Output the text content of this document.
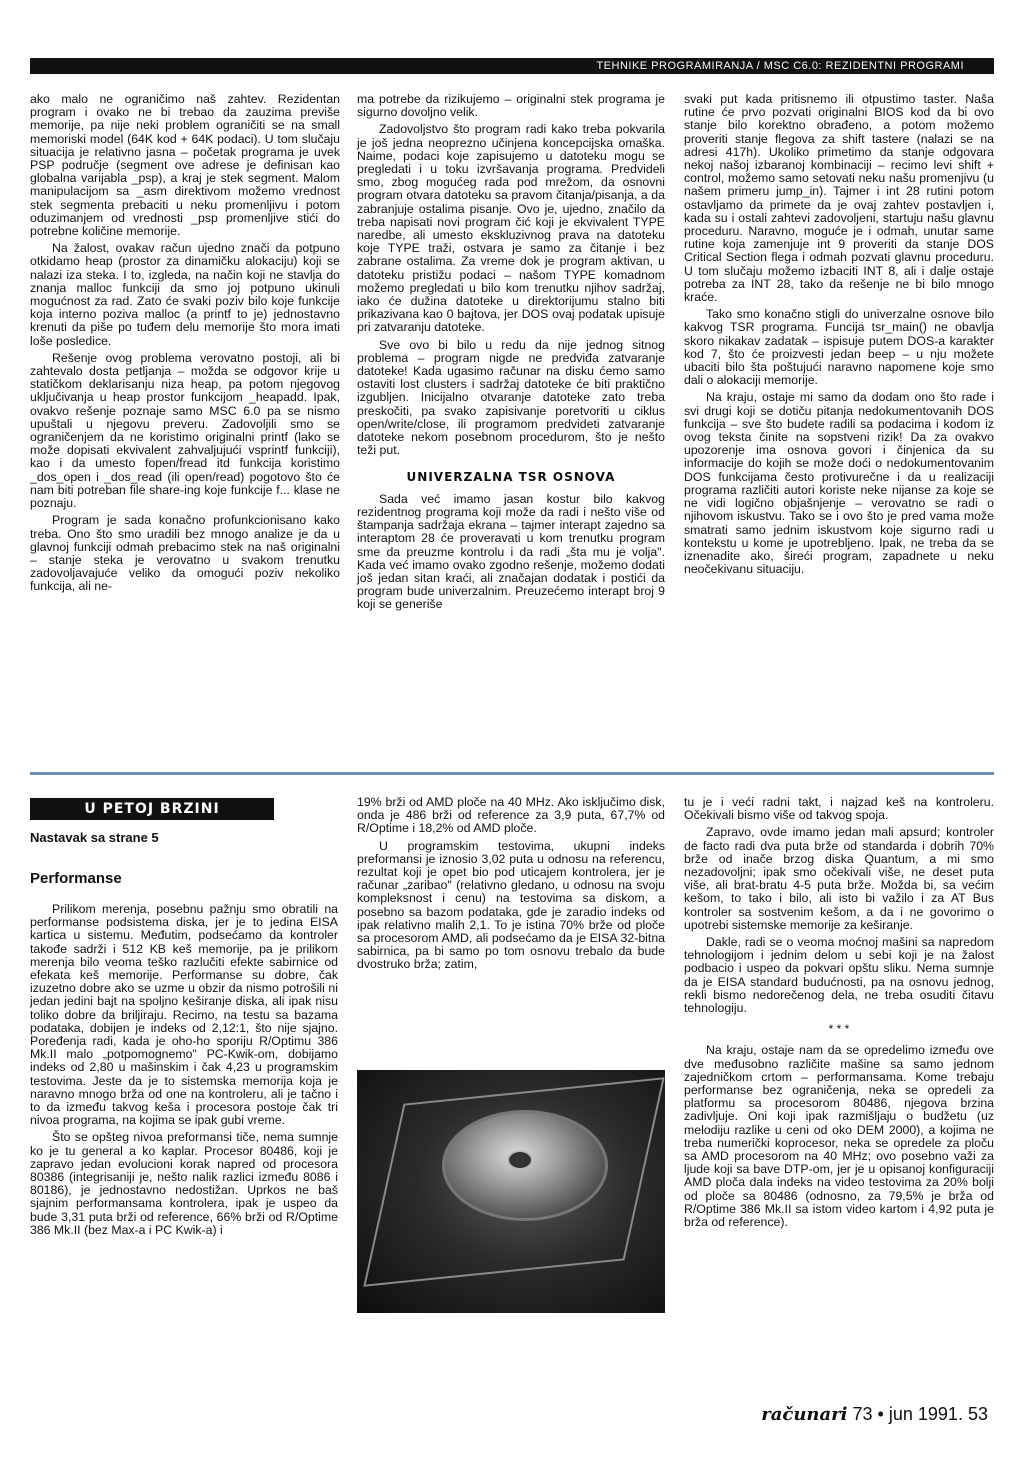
TEHNIKE PROGRAMIRANJA / MSC C6.0: REZIDENTNI PROGRAMI

ako malo ne ograničimo naš zahtev. Rezidentan program i ovako ne bi trebao da zauzima previše memorije, pa nije neki problem ograničiti se na small memoriski model (64K kod + 64K podaci). U tom slučaju situacija je relativno jasna – početak programa je uvek PSP područje (segment ove adrese je definisan kao globalna varijabla _psp), a kraj je stek segment. Malom manipulacijom sa _asm direktivom možemo vrednost stek segmenta prebaciti u neku promenljivu i potom oduzimanjem od vrednosti _psp promenljive stići do potrebne količine memorije.

Na žalost, ovakav račun ujedno znači da potpuno otkidamo heap (prostor za dinamičku alokaciju) koji se nalazi iza steka. I to, izgleda, na način koji ne stavlja do znanja malloc funkciji da smo joj potpuno ukinuli mogućnost za rad. Zato će svaki poziv bilo koje funkcije koja interno poziva malloc (a printf to je) jednostavno krenuti da piše po tuđem delu memorije što mora imati loše posledice.

Rešenje ovog problema verovatno postoji, ali bi zahtevalo dosta petljanja – možda se odgovor krije u statičkom deklarisanju niza heap, pa potom njegovog uključivanja u heap prostor funkcijom _heapadd. Ipak, ovakvo rešenje poznaje samo MSC 6.0 pa se nismo upuštali u njegovu preveru. Zadovoljili smo se ograničenjem da ne koristimo originalni printf (lako se može dopisati ekvivalent zahvaljujući vsprintf funkciji), kao i da umesto fopen/fread itd funkcija koristimo _dos_open i _dos_read (ili open/read) pogotovo što će nam biti potreban file share-ing koje funkcije f... klase ne poznaju.

Program je sada konačno profunkcionisano kako treba. Ono što smo uradili bez mnogo analize je da u glavnoj funkciji odmah prebacimo stek na naš originalni – stanje steka je verovatno u svakom trenutku zadovoljavajuće veliko da omogući poziv nekoliko funkcija, ali ne-

ma potrebe da rizikujemo – originalni stek programa je sigurno dovoljno velik.

Zadovoljstvo što program radi kako treba pokvarila je još jedna neoprezno učinjena koncepcijska omaška. Naime, podaci koje zapisujemo u datoteku mogu se pregledati i u toku izvršavanja programa. Predvideli smo, zbog mogućeg rada pod mrežom, da osnovni program otvara datoteku sa pravom čitanja/pisanja, a da zabranjuje ostalima pisanje. Ovo je, ujedno, značilo da treba napisati novi program čić koji je ekvivalent TYPE naredbe, ali umesto ekskluzivnog prava na datoteku koje TYPE traži, ostvara je samo za čitanje i bez zabrane ostalima. Za vreme dok je program aktivan, u datoteku pristižu podaci – našom TYPE komadnom možemo pregledati u bilo kom trenutku njihov sadržaj, iako će dužina datoteke u direktorijumu stalno biti prikazivana kao 0 bajtova, jer DOS ovaj podatak upisuje pri zatvaranju datoteke.

Sve ovo bi bilo u redu da nije jednog sitnog problema – program nigde ne predviđa zatvaranje datoteke! Kada ugasimo računar na disku ćemo samo ostaviti lost clusters i sadržaj datoteke će biti praktično izgubljen. Inicijalno otvaranje datoteke zato treba preskočiti, pa svako zapisivanje poretvoriti u ciklus open/write/close, ili programom predvideti zatvaranje datoteke nekom posebnom procedurom, što je nešto teži put.

UNIVERZALNA TSR OSNOVA

Sada već imamo jasan kostur bilo kakvog rezidentnog programa koji može da radi i nešto više od štampanja sadržaja ekrana – tajmer interapt zajedno sa interaptom 28 će proveravati u kom trenutku program sme da preuzme kontrolu i da radi „šta mu je volja". Kada već imamo ovako zgodno rešenje, možemo dodati još jedan sitan kraći, ali značajan dodatak i postići da program bude univerzalnim. Preuzećemo interapt broj 9 koji se generiše

svaki put kada pritisnemo ili otpustimo taster. Naša rutine će prvo pozvati originalni BIOS kod da bi ovo stanje bilo korektno obrađeno, a potom možemo proveriti stanje flegova za shift tastere (nalazi se na adresi 417h). Ukoliko primetimo da stanje odgovara nekoj našoj izbaranoj kombinaciji – recimo levi shift + control, možemo samo setovati neku našu promenjivu (u našem primeru jump_in). Tajmer i int 28 rutini potom ostavljamo da primete da je ovaj zahtev postavljen i, kada su i ostali zahtevi zadovoljeni, startuju našu glavnu proceduru. Naravno, moguće je i odmah, unutar same rutine koja zamenjuje int 9 proveriti da stanje DOS Critical Section flega i odmah pozvati glavnu proceduru. U tom slučaju možemo izbaciti INT 8, ali i dalje ostaje potreba za INT 28, tako da rešenje ne bi bilo mnogo kraće.

Tako smo konačno stigli do univerzalne osnove bilo kakvog TSR programa. Funcija tsr_main() ne obavlja skoro nikakav zadatak – ispisuje putem DOS-a karakter kod 7, što će proizvesti jedan beep – u nju možete ubaciti bilo šta poštujući naravno napomene koje smo dali o alokaciji memorije.

Na kraju, ostaje mi samo da dodam ono što rade i svi drugi koji se dotiču pitanja nedokumentovanih DOS funkcija – sve što budete radili sa podacima i kodom iz ovog teksta činite na sopstveni rizik! Da za ovakvo upozorenje ima osnova govori i činjenica da su informacije do kojih se može doći o nedokumentovanim DOS funkcijama često protivurečne i da u realizaciji programa različiti autori koriste neke nijanse za koje se ne vidi logično objašnjenje – verovatno se radi o njihovom iskustvu. Tako se i ovo što je pred vama može smatrati samo jednim iskustvom koje sigurno radi u kontekstu u kome je upotrebljeno. Ipak, ne treba da se iznenadite ako, šireći program, zapadnete u neku neočekivanu situaciju.

U PETOJ BRZINI
Nastavak sa strane 5
Performanse

Prilikom merenja, posebnu pažnju smo obratili na performanse podsistema diska, jer je to jedina EISA kartica u sistemu. Međutim, podsećamo da kontroler takođe sadrži i 512 KB keš memorije, pa je prilikom merenja bilo veoma teško razlučiti efekte sabirnice od efekata keš memorije. Performanse su dobre, čak izuzetno dobre ako se uzme u obzir da nismo potrošili ni jedan jedini bajt na spoljno keširanje diska, ali ipak nisu toliko dobre da briljiraju. Recimo, na testu sa bazama podataka, dobijen je indeks od 2,12:1, što nije sjajno. Poređenja radi, kada je oho-ho sporiju R/Optimu 386 Mk.II malo „potpomognemo" PC-Kwik-om, dobijamo indeks od 2,80 u mašinskim i čak 4,23 u programskim testovima. Jeste da je to sistemska memorija koja je naravno mnogo brža od one na kontroleru, ali je tačno i to da između takvog keša i procesora postoje čak tri nivoa programa, na kojima se ipak gubi vreme.

Što se opšteg nivoa preformansi tiče, nema sumnje ko je tu general a ko kaplar. Procesor 80486, koji je zapravo jedan evolucioni korak napred od procesora 80386 (integrisaniji je, nešto nalik razlici između 8086 i 80186), je jednostavno nedostižan. Uprkos ne baš sjajnim performansama kontrolera, ipak je uspeo da bude 3,31 puta brži od reference, 66% brži od R/Optime 386 Mk.II (bez Max-a i PC Kwik-a) i

19% brži od AMD ploče na 40 MHz. Ako isključimo disk, onda je 486 brži od reference za 3,9 puta, 67,7% od R/Optime i 18,2% od AMD ploče.

U programskim testovima, ukupni indeks preformansi je iznosio 3,02 puta u odnosu na referencu, rezultat koji je opet bio pod uticajem kontrolera, jer je računar „zaribao" (relativno gledano, u odnosu na svoju kompleksnost i cenu) na testovima sa diskom, a posebno sa bazom podataka, gde je zaradio indeks od ipak relativno malih 2,1. To je istina 70% brže od ploče sa procesorom AMD, ali podsećamo da je EISA 32-bitna sabirnica, pa bi samo po tom osnovu trebalo da bude dvostruko brža; zatim,

tu je i veći radni takt, i najzad keš na kontroleru. Očekivali bismo više od takvog spoja.

Zapravo, ovde imamo jedan mali apsurd; kontroler de facto radi dva puta brže od standarda i dobrih 70% brže od inače brzog diska Quantum, a mi smo nezadovoljni; ipak smo očekivali više, ne deset puta više, ali brat-bratu 4-5 puta brže. Možda bi, sa većim kešom, to tako i bilo, ali isto bi važilo i za AT Bus kontroler sa sostvenim kešom, a da i ne govorimo o upotrebi sistemske memorije za keširanje.

Dakle, radi se o veoma moćnoj mašini sa napredom tehnologijom i jednim delom u sebi koji je na žalost podbacio i uspeo da pokvari opštu sliku. Nema sumnje da je EISA standard budućnosti, pa na osnovu jednog, rekli bismo nedorečenog dela, ne treba osuditi čitavu tehnologiju.

* * *

Na kraju, ostaje nam da se opredelimo između ove dve međusobno različite mašine sa samo jednom zajedničkom crtom – performansama. Kome trebaju performanse bez ograničenja, neka se opredeli za platformu sa procesorom 80486, njegova brzina zadivljuje. Oni koji ipak razmišljaju o budžetu (uz melodiju razlike u ceni od oko DEM 2000), a kojima ne treba numerički koprocesor, neka se opredele za ploču sa AMD procesorom na 40 MHz; ovo posebno važi za ljude koji sa bave DTP-om, jer je u opisanoj konfiguraciji AMD ploča dala indeks na video testovima za 20% bolji od ploče sa 80486 (odnosno, za 79,5% je brža od R/Optime 386 Mk.II sa istom video kartom i 4,92 puta je brža od reference).

računari 73 • jun 1991. 53
